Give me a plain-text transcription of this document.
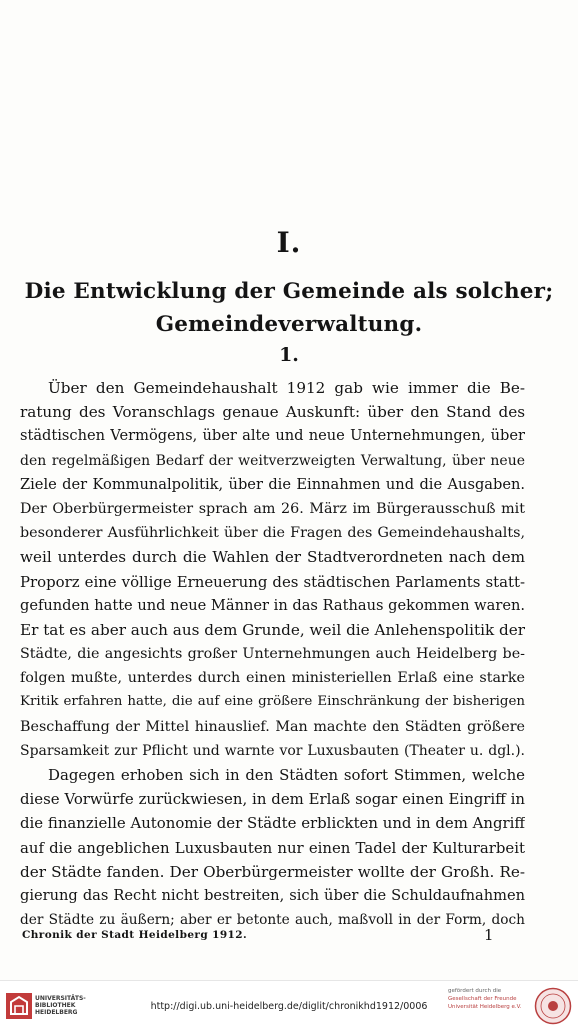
I.
Die Entwicklung der Gemeinde als solcher;
Gemeindeverwaltung.
1.
Über den Gemeindehaushalt 1912 gab wie immer die Be-
ratung des Voranschlags genaue Auskunft: über den Stand des
städtischen Vermögens, über alte und neue Unternehmungen, über
den regelmäßigen Bedarf der weitverzweigten Verwaltung, über neue
Ziele der Kommunalpolitik, über die Einnahmen und die Ausgaben.
Der Oberbürgermeister sprach am 26. März im Bürgerausschuß mit
besonderer Ausführlichkeit über die Fragen des Gemeindehaushalts,
weil unterdes durch die Wahlen der Stadtverordneten nach dem
Proporz eine völlige Erneuerung des städtischen Parlaments statt-
gefunden hatte und neue Männer in das Rathaus gekommen waren.
Er tat es aber auch aus dem Grunde, weil die Anlehenspolitik der
Städte, die angesichts großer Unternehmungen auch Heidelberg be-
folgen mußte, unterdes durch einen ministeriellen Erlaß eine starke
Kritik erfahren hatte, die auf eine größere Einschränkung der bisherigen
Beschaffung der Mittel hinauslief. Man machte den Städten größere
Sparsamkeit zur Pflicht und warnte vor Luxusbauten (Theater u. dgl.).
Dagegen erhoben sich in den Städten sofort Stimmen, welche
diese Vorwürfe zurückwiesen, in dem Erlaß sogar einen Eingriff in
die finanzielle Autonomie der Städte erblickten und in dem Angriff
auf die angeblichen Luxusbauten nur einen Tadel der Kulturarbeit
der Städte fanden. Der Oberbürgermeister wollte der Großh. Re-
gierung das Recht nicht bestreiten, sich über die Schuldaufnahmen
der Städte zu äußern; aber er betonte auch, maßvoll in der Form, doch
Chronik der Stadt Heidelberg 1912.	1
UNIVERSITÄTS-
BIBLIOTHEK
HEIDELBERG
http://digi.ub.uni-heidelberg.de/diglit/chronikhd1912/0006
gefördert durch die
Gesellschaft der Freunde
Universität Heidelberg e.V.
